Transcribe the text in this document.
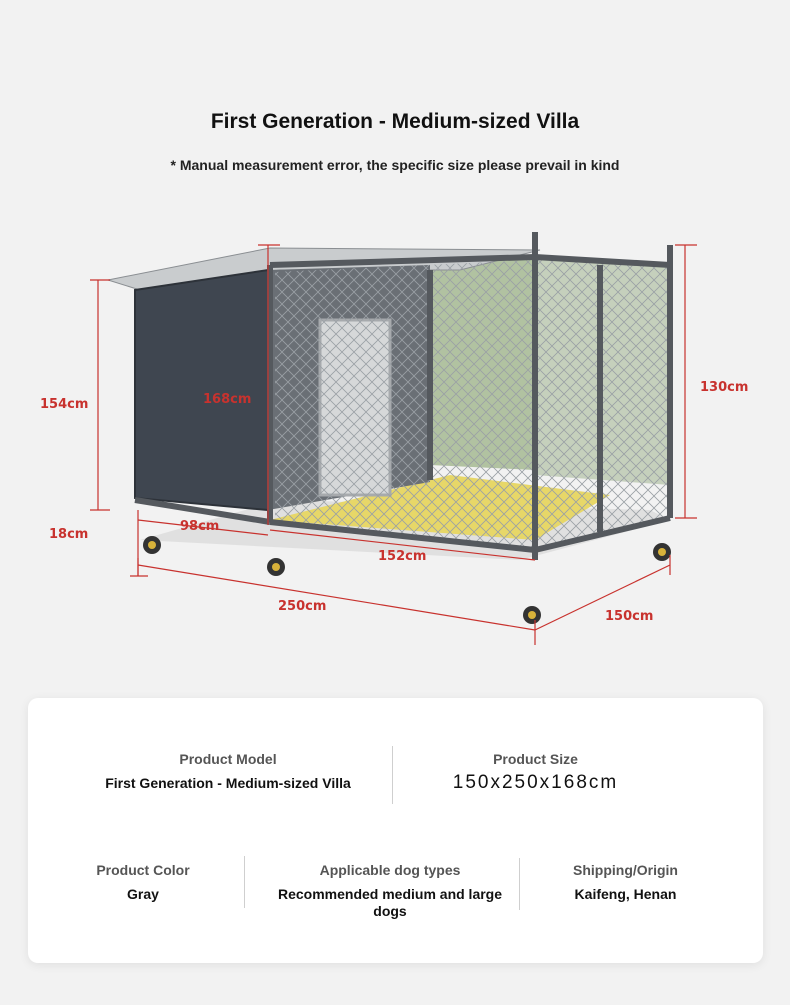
First Generation - Medium-sized Villa
* Manual measurement error, the specific size please prevail in kind
154cm	168cm
130cm
18cm
98cm
152cm
250cm
150cm
Product Model
First Generation - Medium-sized Villa
Product Size
150x250x168cm
Product Color
Gray
Applicable dog types
Recommended medium and large dogs
Shipping/Origin
Kaifeng, Henan
